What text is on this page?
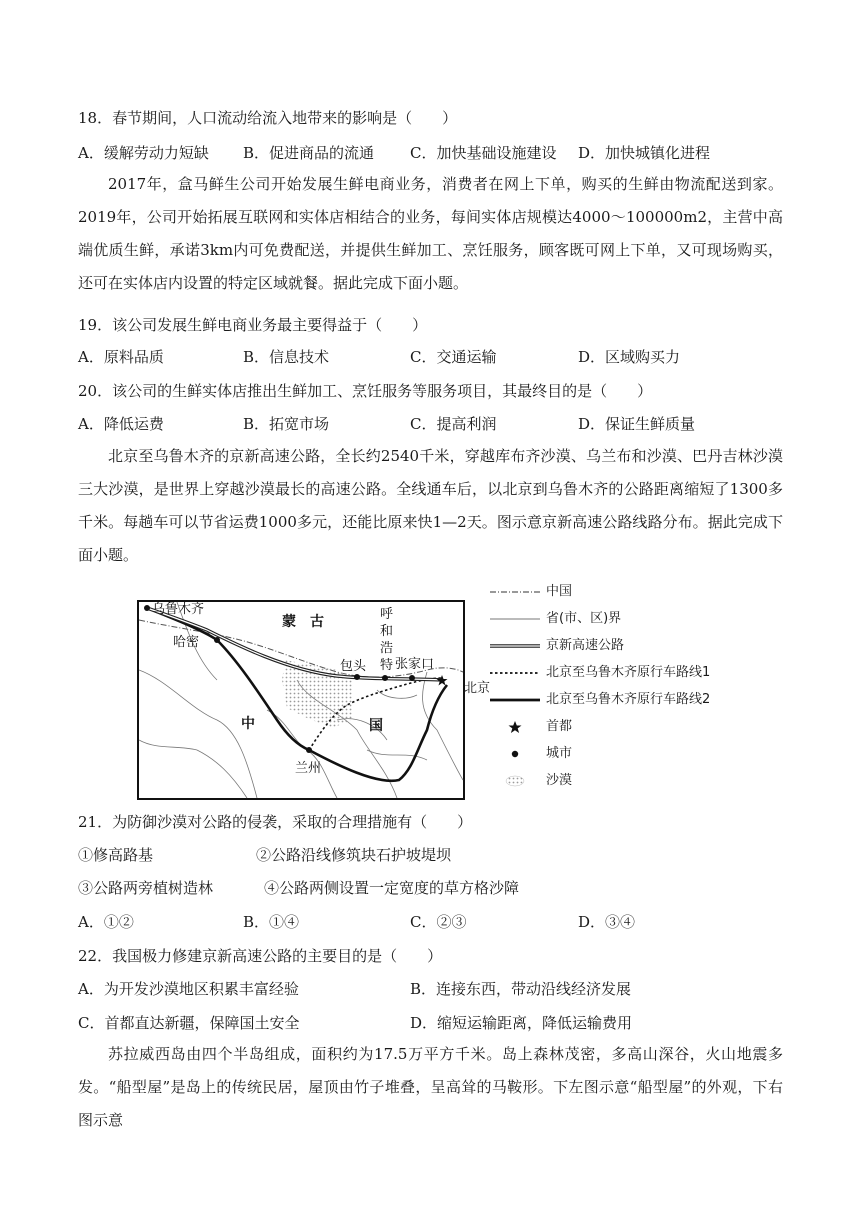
18．春节期间，人口流动给流入地带来的影响是（　　）
A．缓解劳动力短缺 B．促进商品的流通 C．加快基础设施建设 D．加快城镇化进程
2017年，盒马鲜生公司开始发展生鲜电商业务，消费者在网上下单，购买的生鲜由物流配送到家。2019年，公司开始拓展互联网和实体店相结合的业务，每间实体店规模达4000～100000m2，主营中高端优质生鲜，承诺3km内可免费配送，并提供生鲜加工、烹饪服务，顾客既可网上下单，又可现场购买，还可在实体店内设置的特定区域就餐。据此完成下面小题。
19．该公司发展生鲜电商业务最主要得益于（　　）
A．原料品质	B．信息技术	C．交通运输	D．区域购买力
20．该公司的生鲜实体店推出生鲜加工、烹饪服务等服务项目，其最终目的是（　　）
A．降低运费	B．拓宽市场	C．提高利润	D．保证生鲜质量
北京至乌鲁木齐的京新高速公路，全长约2540千米，穿越库布齐沙漠、乌兰布和沙漠、巴丹吉林沙漠三大沙漠，是世界上穿越沙漠最长的高速公路。全线通车后，以北京到乌鲁木齐的公路距离缩短了1300多千米。每趟车可以节省运费1000多元，还能比原来快1—2天。图示意京新高速公路线路分布。据此完成下面小题。
乌鲁木齐
哈密
蒙　古	呼
和
浩
特
包头 张家口
中	国
兰州
北京
中国
省(市、区)界
京新高速公路
北京至乌鲁木齐原行车路线1
北京至乌鲁木齐原行车路线2
首都
城市
沙漠
21．为防御沙漠对公路的侵袭，采取的合理措施有（　　）
①修高路基	②公路沿线修筑块石护坡堤坝
③公路两旁植树造林	④公路两侧设置一定宽度的草方格沙障
A．①②	B．①④	C．②③	D．③④
22．我国极力修建京新高速公路的主要目的是（　　）
A．为开发沙漠地区积累丰富经验	B．连接东西，带动沿线经济发展
C．首都直达新疆，保障国土安全	D．缩短运输距离，降低运输费用
苏拉威西岛由四个半岛组成，面积约为17.5万平方千米。岛上森林茂密，多高山深谷，火山地震多发。“船型屋”是岛上的传统民居，屋顶由竹子堆叠，呈高耸的马鞍形。下左图示意“船型屋”的外观，下右图示意
